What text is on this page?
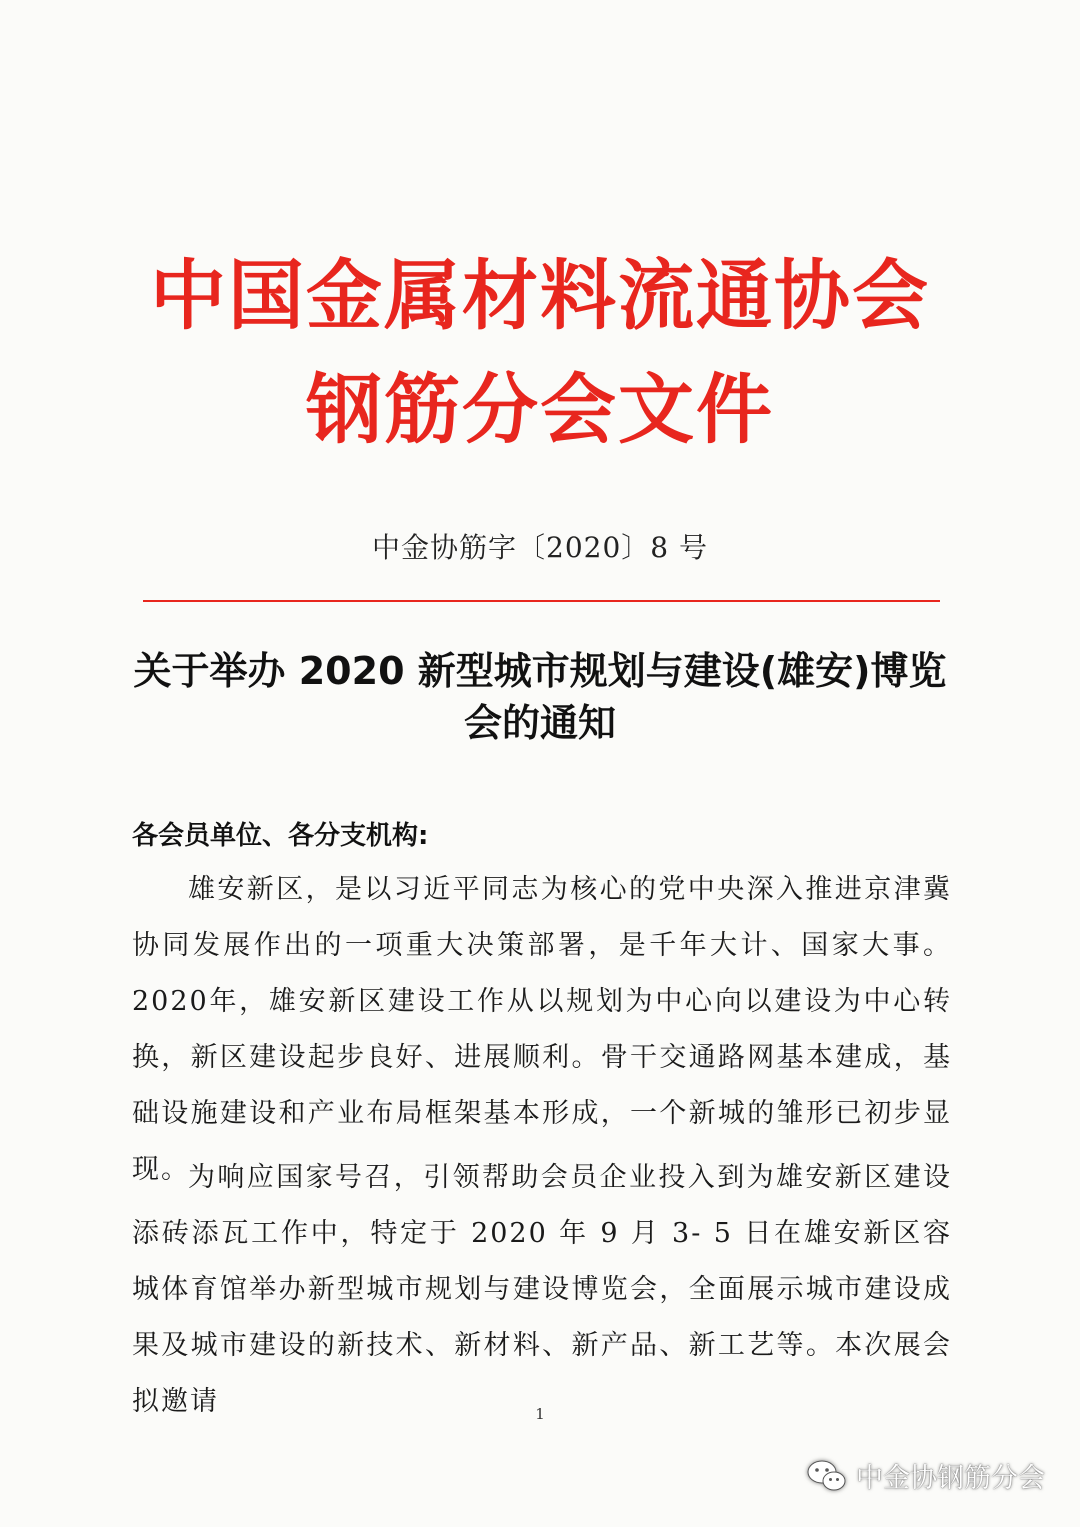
中国金属材料流通协会
钢筋分会文件
中金协筋字〔2020〕8 号
关于举办 2020 新型城市规划与建设(雄安)博览会的通知
各会员单位、各分支机构:

雄安新区，是以习近平同志为核心的党中央深入推进京津冀协同发展作出的一项重大决策部署，是千年大计、国家大事。2020年，雄安新区建设工作从以规划为中心向以建设为中心转换，新区建设起步良好、进展顺利。骨干交通路网基本建成，基础设施建设和产业布局框架基本形成，一个新城的雏形已初步显现。

为响应国家号召，引领帮助会员企业投入到为雄安新区建设添砖添瓦工作中，特定于 2020 年 9 月 3- 5 日在雄安新区容城体育馆举办新型城市规划与建设博览会，全面展示城市建设成果及城市建设的新技术、新材料、新产品、新工艺等。本次展会拟邀请	1
中金协钢筋分会
